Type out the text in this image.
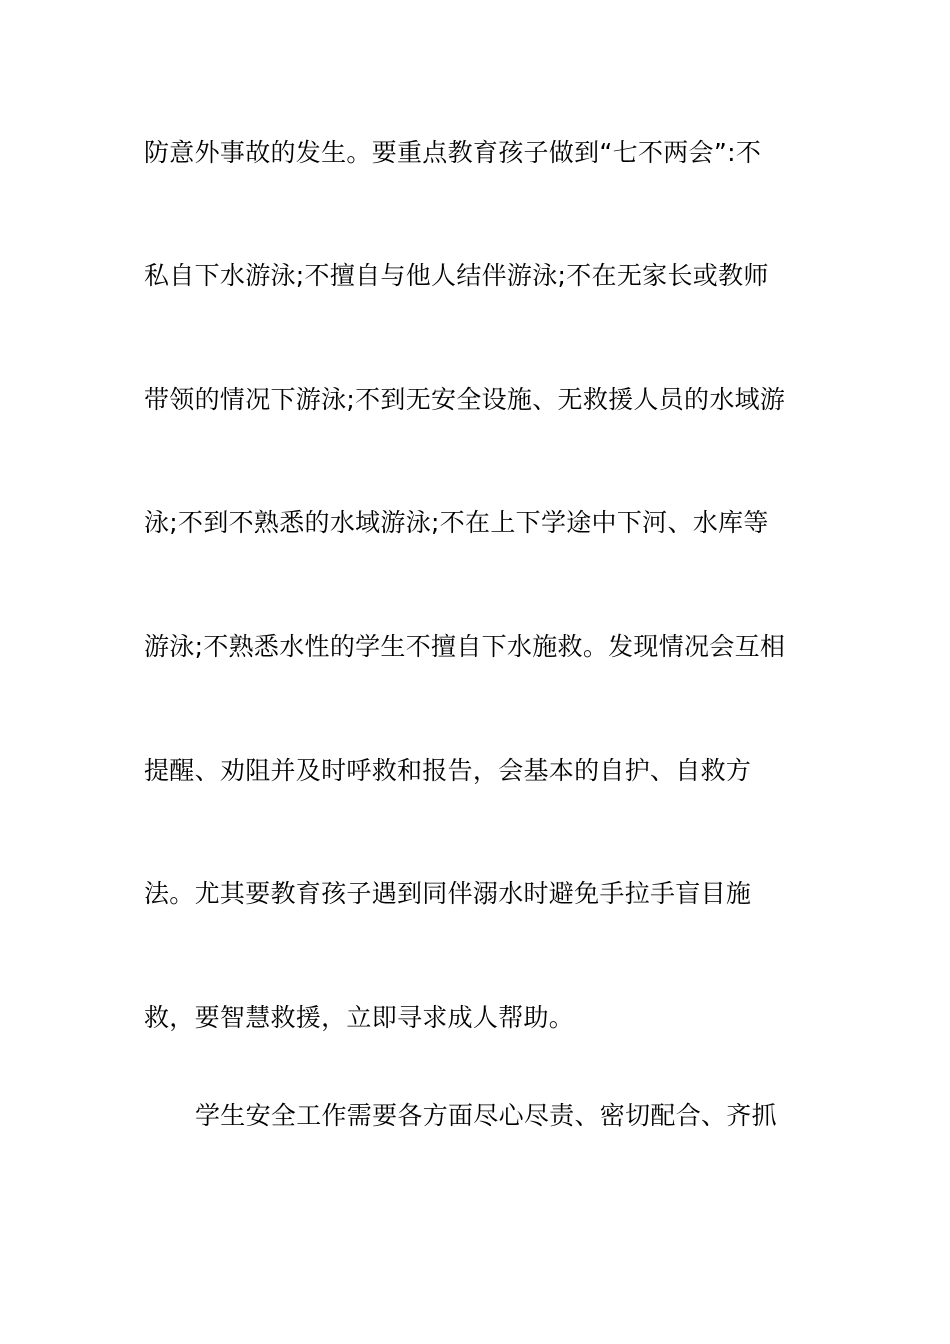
防意外事故的发生。要重点教育孩子做到“七不两会”:不
私自下水游泳;不擅自与他人结伴游泳;不在无家长或教师
带领的情况下游泳;不到无安全设施、无救援人员的水域游
泳;不到不熟悉的水域游泳;不在上下学途中下河、水库等
游泳;不熟悉水性的学生不擅自下水施救。发现情况会互相
提醒、劝阻并及时呼救和报告，会基本的自护、自救方
法。尤其要教育孩子遇到同伴溺水时避免手拉手盲目施
救，要智慧救援，立即寻求成人帮助。
学生安全工作需要各方面尽心尽责、密切配合、齐抓
